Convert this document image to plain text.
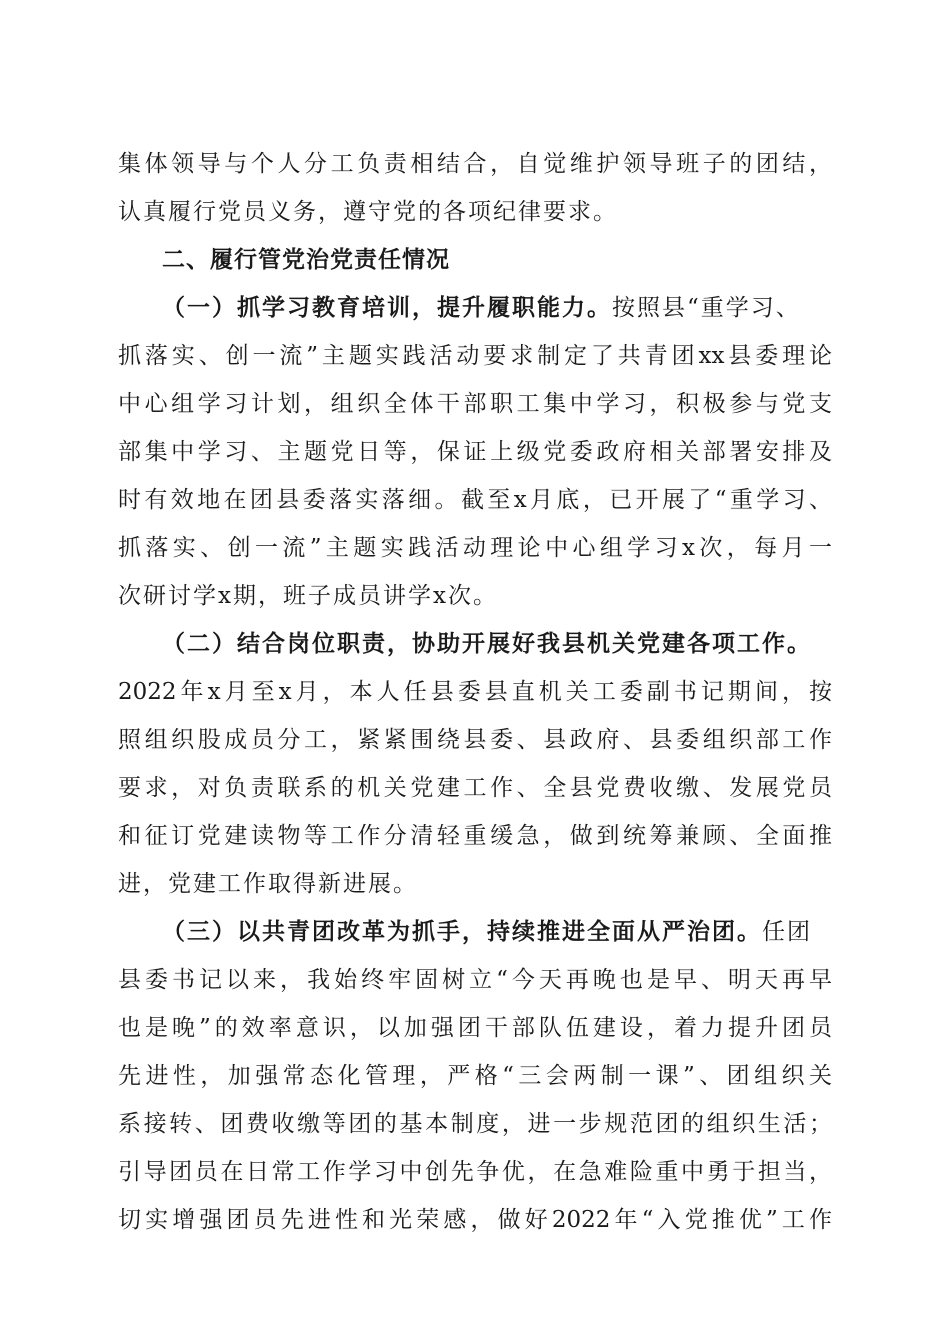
集体领导与个人分工负责相结合，自觉维护领导班子的团结，
认真履行党员义务，遵守党的各项纪律要求。
二、履行管党治党责任情况
（一）抓学习教育培训，提升履职能力。按照县“重学习、
抓落实、创一流”主题实践活动要求制定了共青团xx县委理论
中心组学习计划，组织全体干部职工集中学习，积极参与党支
部集中学习、主题党日等，保证上级党委政府相关部署安排及
时有效地在团县委落实落细。截至x月底，已开展了“重学习、
抓落实、创一流”主题实践活动理论中心组学习x次，每月一
次研讨学x期，班子成员讲学x次。
（二）结合岗位职责，协助开展好我县机关党建各项工作。
2022年x月至x月，本人任县委县直机关工委副书记期间，按
照组织股成员分工，紧紧围绕县委、县政府、县委组织部工作
要求，对负责联系的机关党建工作、全县党费收缴、发展党员
和征订党建读物等工作分清轻重缓急，做到统筹兼顾、全面推
进，党建工作取得新进展。
（三）以共青团改革为抓手，持续推进全面从严治团。任团
县委书记以来，我始终牢固树立“今天再晚也是早、明天再早
也是晚”的效率意识，以加强团干部队伍建设，着力提升团员
先进性，加强常态化管理，严格“三会两制一课”、团组织关
系接转、团费收缴等团的基本制度，进一步规范团的组织生活；
引导团员在日常工作学习中创先争优，在急难险重中勇于担当，
切实增强团员先进性和光荣感，做好2022年“入党推优”工作
